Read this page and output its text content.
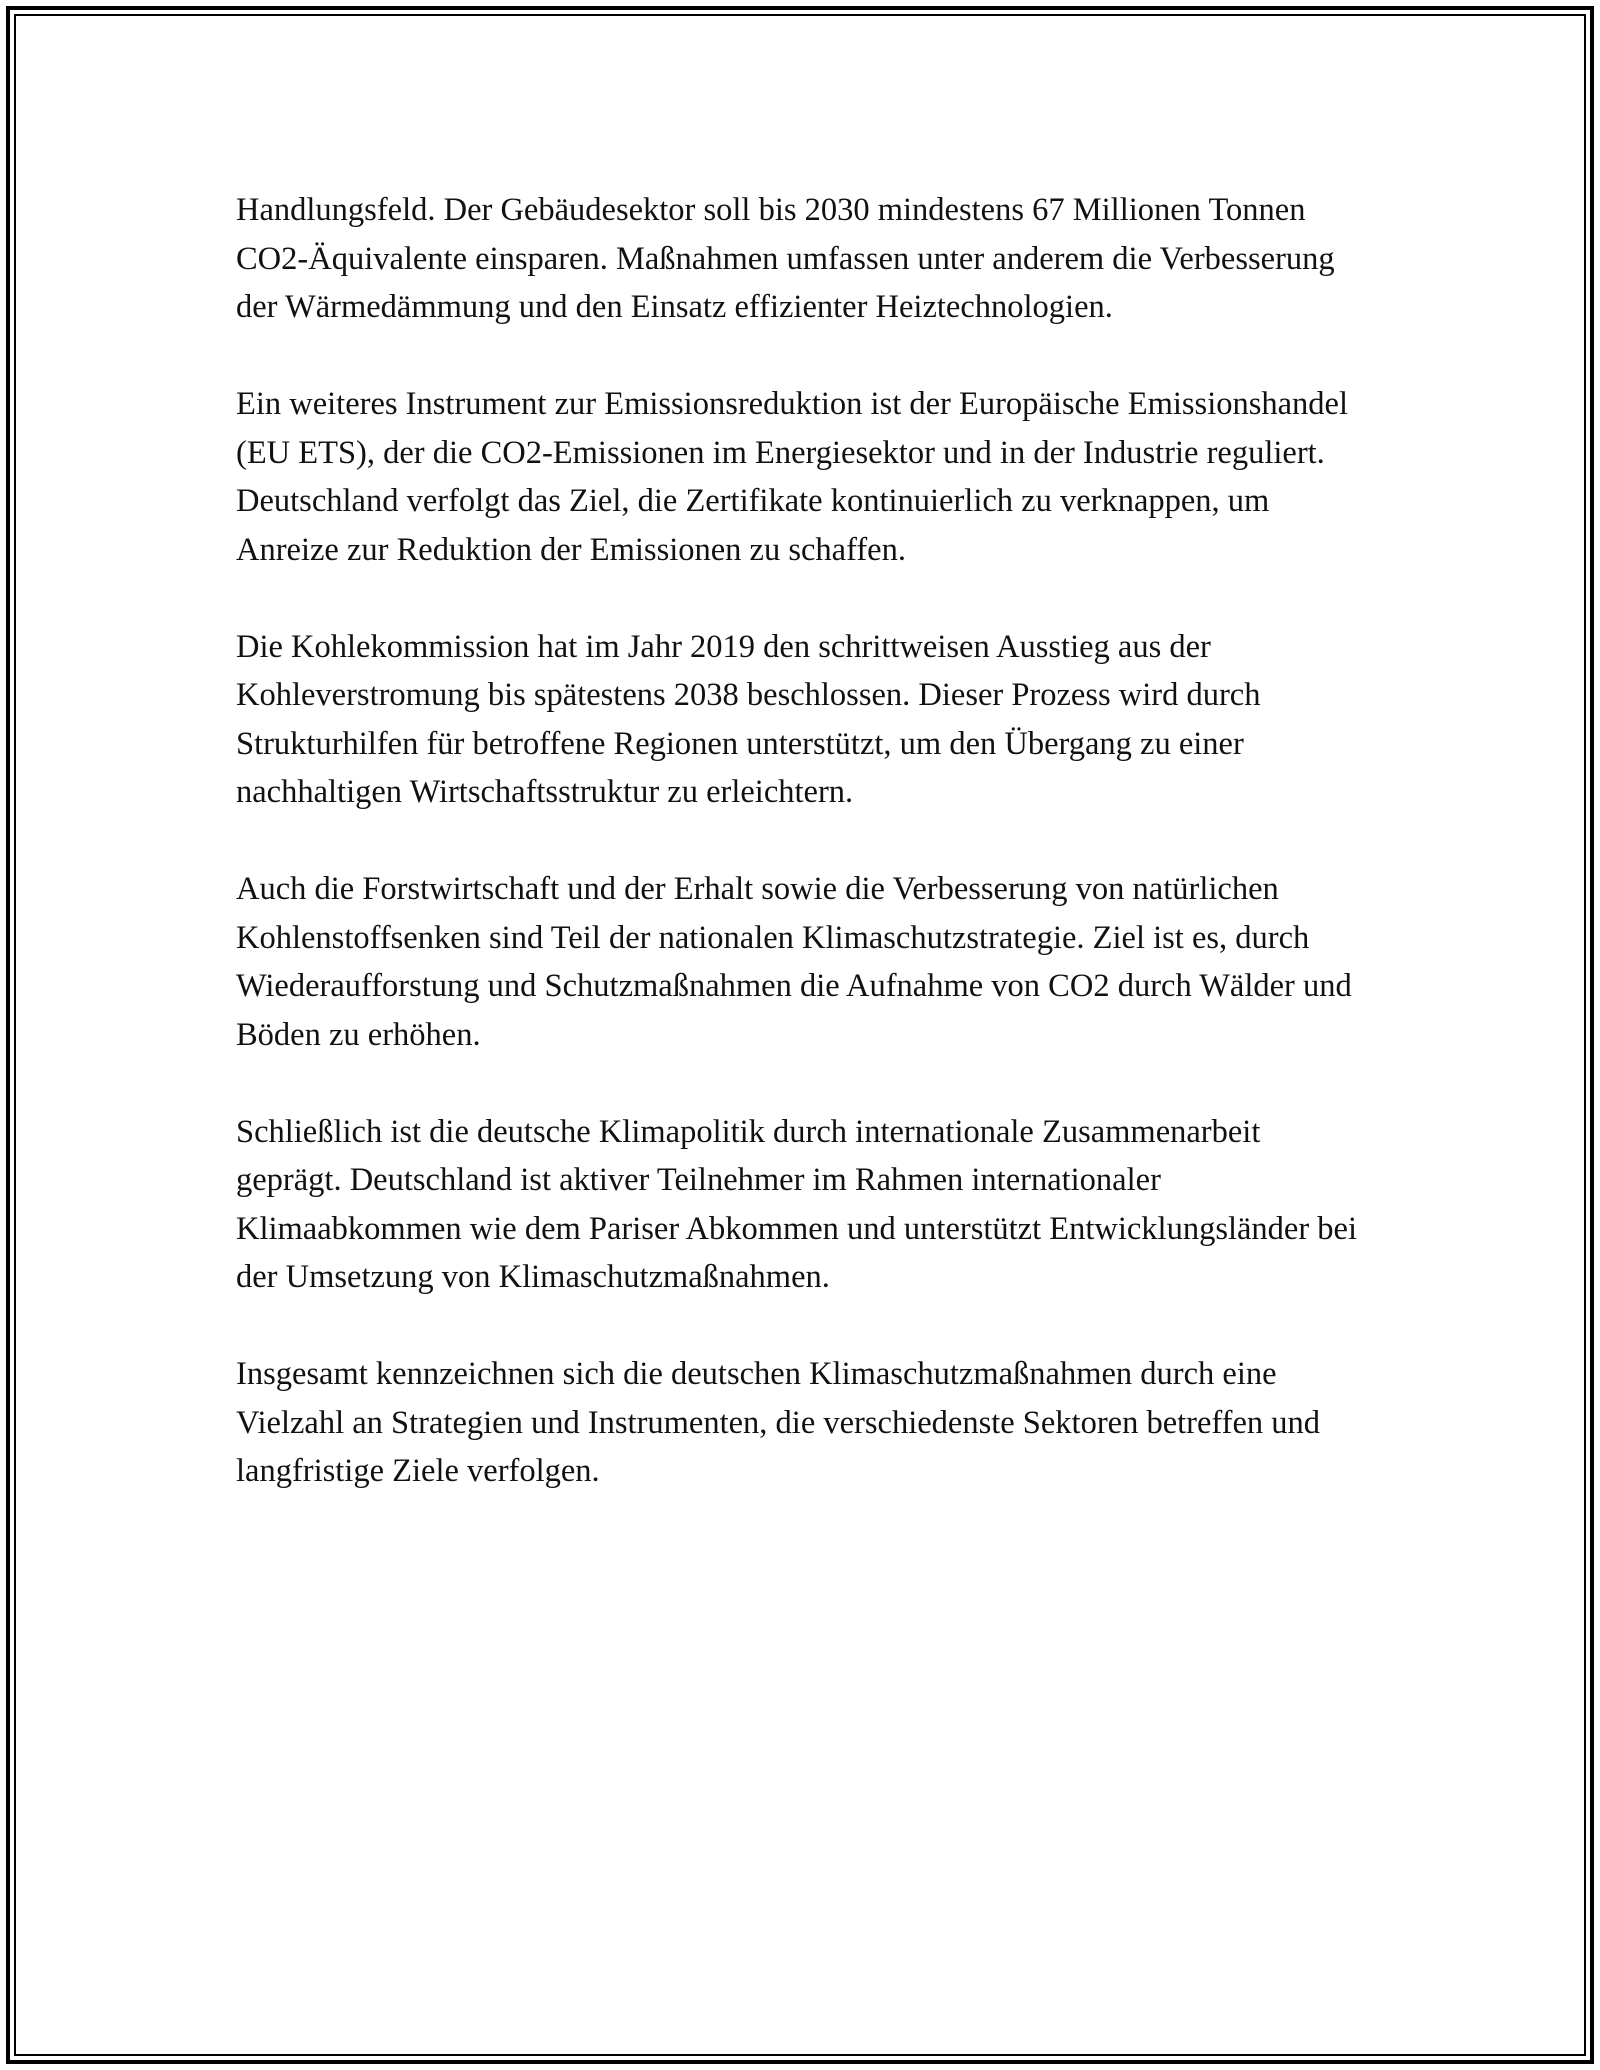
Handlungsfeld. Der Gebäudesektor soll bis 2030 mindestens 67 Millionen Tonnen CO2-Äquivalente einsparen. Maßnahmen umfassen unter anderem die Verbesserung der Wärmedämmung und den Einsatz effizienter Heiztechnologien.

Ein weiteres Instrument zur Emissionsreduktion ist der Europäische Emissionshandel (EU ETS), der die CO2-Emissionen im Energiesektor und in der Industrie reguliert. Deutschland verfolgt das Ziel, die Zertifikate kontinuierlich zu verknappen, um Anreize zur Reduktion der Emissionen zu schaffen.

Die Kohlekommission hat im Jahr 2019 den schrittweisen Ausstieg aus der Kohleverstromung bis spätestens 2038 beschlossen. Dieser Prozess wird durch Strukturhilfen für betroffene Regionen unterstützt, um den Übergang zu einer nachhaltigen Wirtschaftsstruktur zu erleichtern.

Auch die Forstwirtschaft und der Erhalt sowie die Verbesserung von natürlichen Kohlenstoffsenken sind Teil der nationalen Klimaschutzstrategie. Ziel ist es, durch Wiederaufforstung und Schutzmaßnahmen die Aufnahme von CO2 durch Wälder und Böden zu erhöhen.

Schließlich ist die deutsche Klimapolitik durch internationale Zusammenarbeit geprägt. Deutschland ist aktiver Teilnehmer im Rahmen internationaler Klimaabkommen wie dem Pariser Abkommen und unterstützt Entwicklungsländer bei der Umsetzung von Klimaschutzmaßnahmen.

Insgesamt kennzeichnen sich die deutschen Klimaschutzmaßnahmen durch eine Vielzahl an Strategien und Instrumenten, die verschiedenste Sektoren betreffen und langfristige Ziele verfolgen.
